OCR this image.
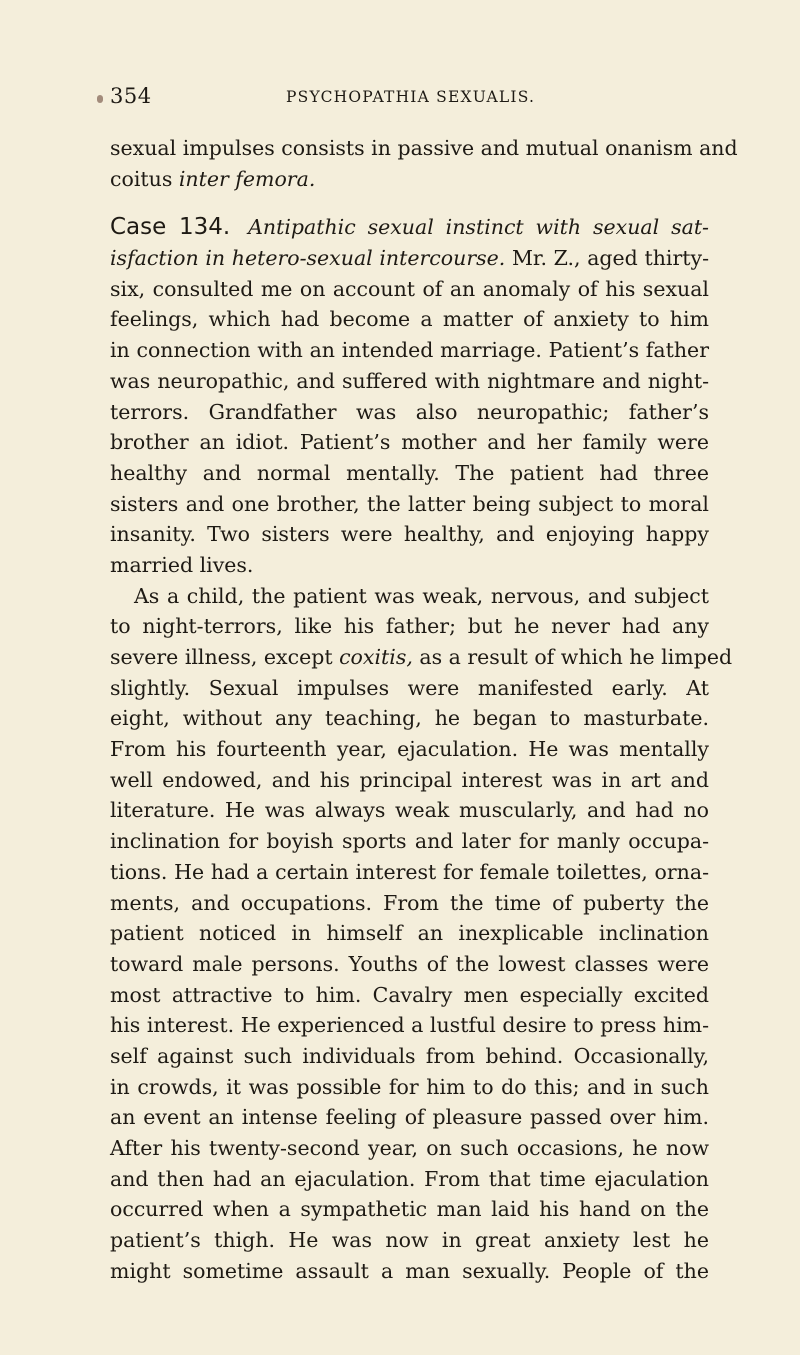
354	PSYCHOPATHIA SEXUALIS.
sexual impulses consists in passive and mutual onanism and
coitus inter femora.
Case 134. Antipathic sexual instinct with sexual sat-
isfaction in hetero-sexual intercourse. Mr. Z., aged thirty-
six, consulted me on account of an anomaly of his sexual
feelings, which had become a matter of anxiety to him
in connection with an intended marriage. Patient’s father
was neuropathic, and suffered with nightmare and night-
terrors. Grandfather was also neuropathic; father’s
brother an idiot. Patient’s mother and her family were
healthy and normal mentally. The patient had three
sisters and one brother, the latter being subject to moral
insanity. Two sisters were healthy, and enjoying happy
married lives.
As a child, the patient was weak, nervous, and subject
to night-terrors, like his father; but he never had any
severe illness, except coxitis, as a result of which he limped
slightly. Sexual impulses were manifested early. At
eight, without any teaching, he began to masturbate.
From his fourteenth year, ejaculation. He was mentally
well endowed, and his principal interest was in art and
literature. He was always weak muscularly, and had no
inclination for boyish sports and later for manly occupa-
tions. He had a certain interest for female toilettes, orna-
ments, and occupations. From the time of puberty the
patient noticed in himself an inexplicable inclination
toward male persons. Youths of the lowest classes were
most attractive to him. Cavalry men especially excited
his interest. He experienced a lustful desire to press him-
self against such individuals from behind. Occasionally,
in crowds, it was possible for him to do this; and in such
an event an intense feeling of pleasure passed over him.
After his twenty-second year, on such occasions, he now
and then had an ejaculation. From that time ejaculation
occurred when a sympathetic man laid his hand on the
patient’s thigh. He was now in great anxiety lest he
might sometime assault a man sexually. People of the
